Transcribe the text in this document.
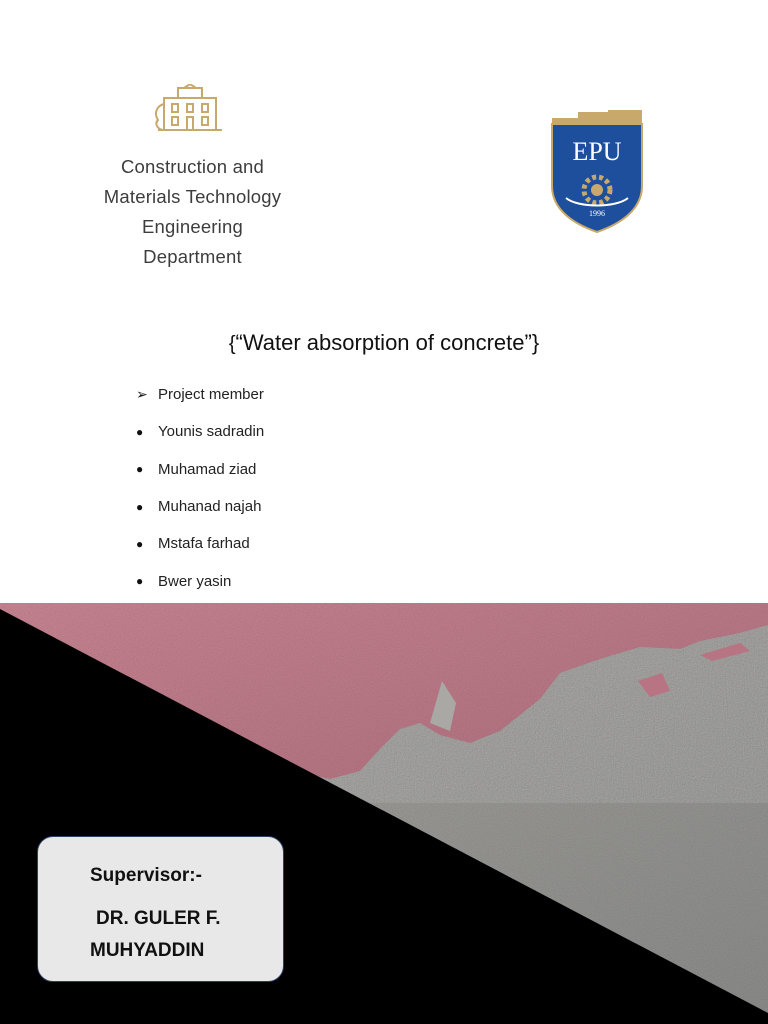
Construction and
Materials Technology
Engineering
Department
EPU
1996
{“Water absorption of concrete”}
➢ Project member
● Younis sadradin
● Muhamad ziad
● Muhanad najah
● Mstafa farhad
● Bwer yasin
Supervisor:-
DR. GULER F.
MUHYADDIN
